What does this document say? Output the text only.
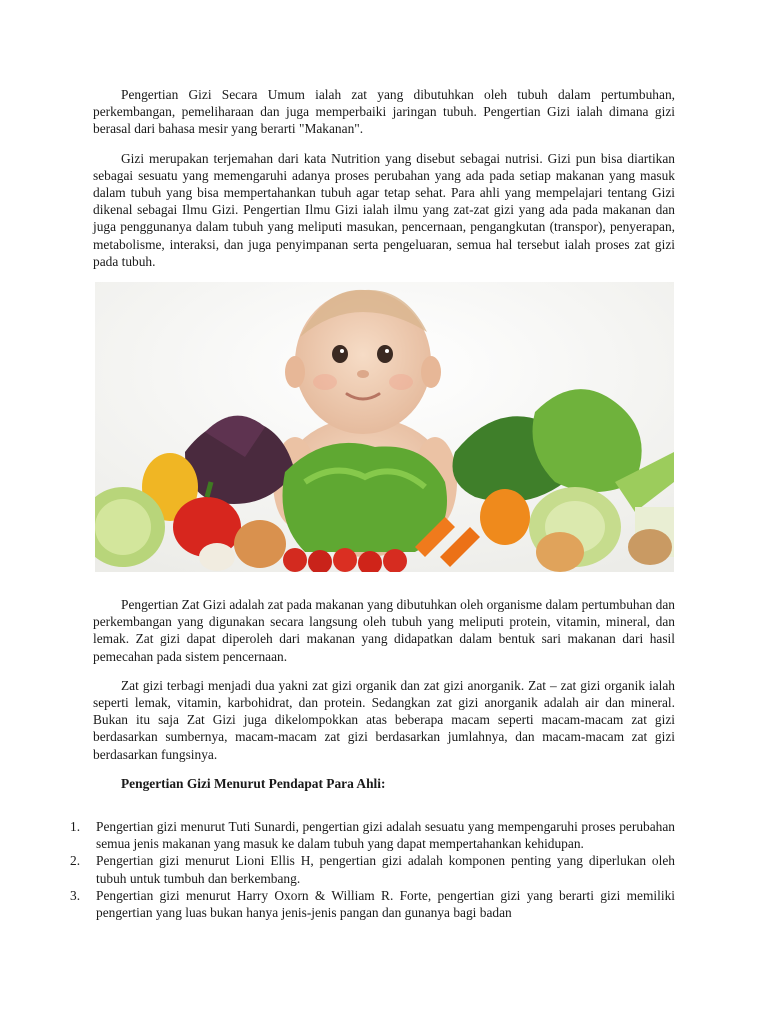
Pengertian Gizi Secara Umum ialah zat yang dibutuhkan oleh tubuh dalam pertumbuhan, perkembangan, pemeliharaan dan juga memperbaiki jaringan tubuh. Pengertian Gizi ialah dimana gizi berasal dari bahasa mesir yang berarti "Makanan".

Gizi merupakan terjemahan dari kata Nutrition yang disebut sebagai nutrisi. Gizi pun bisa diartikan sebagai sesuatu yang memengaruhi adanya proses perubahan yang ada pada setiap makanan yang masuk dalam tubuh yang bisa mempertahankan tubuh agar tetap sehat. Para ahli yang mempelajari tentang Gizi dikenal sebagai Ilmu Gizi. Pengertian Ilmu Gizi ialah ilmu yang zat-zat gizi yang ada pada makanan dan juga penggunanya dalam tubuh yang meliputi masukan, pencernaan, pengangkutan (transpor), penyerapan, metabolisme, interaksi, dan juga penyimpanan serta pengeluaran, semua hal tersebut ialah proses zat gizi pada tubuh.

Pengertian Zat Gizi adalah zat pada makanan yang dibutuhkan oleh organisme dalam pertumbuhan dan perkembangan yang digunakan secara langsung oleh tubuh yang meliputi protein, vitamin, mineral, dan lemak. Zat gizi dapat diperoleh dari makanan yang didapatkan dalam bentuk sari makanan dari hasil pemecahan pada sistem pencernaan.

Zat gizi terbagi menjadi dua yakni zat gizi organik dan zat gizi anorganik. Zat – zat gizi organik ialah seperti lemak, vitamin, karbohidrat, dan protein. Sedangkan zat gizi anorganik adalah air dan mineral. Bukan itu saja Zat Gizi juga dikelompokkan atas beberapa macam seperti macam-macam zat gizi berdasarkan sumbernya, macam-macam zat gizi berdasarkan jumlahnya, dan macam-macam zat gizi berdasarkan fungsinya.

Pengertian Gizi Menurut Pendapat Para Ahli:
1. Pengertian gizi menurut Tuti Sunardi, pengertian gizi adalah sesuatu yang mempengaruhi proses perubahan semua jenis makanan yang masuk ke dalam tubuh yang dapat mempertahankan kehidupan.
2. Pengertian gizi menurut Lioni Ellis H, pengertian gizi adalah komponen penting yang diperlukan oleh tubuh untuk tumbuh dan berkembang.
3. Pengertian gizi menurut Harry Oxorn & William R. Forte, pengertian gizi yang berarti gizi memiliki pengertian yang luas bukan hanya jenis-jenis pangan dan gunanya bagi badan
